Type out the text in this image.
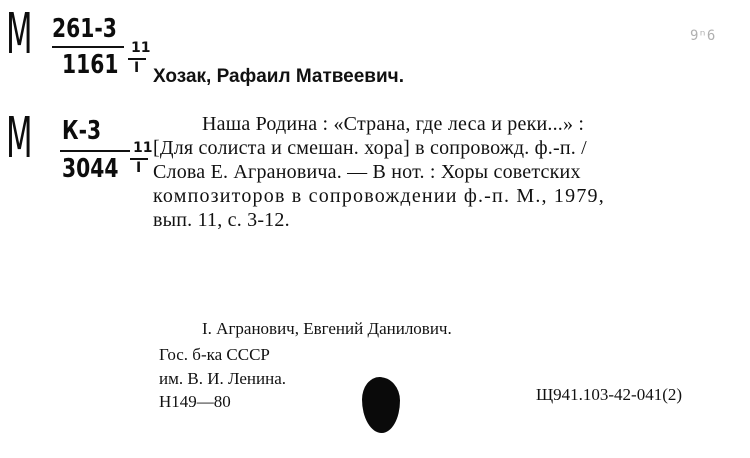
М 261-3
1161
11
I
М К-3
3044
11
I
9ⁿ6
Хозак, Рафаил Матвеевич.
Наша Родина : «Страна, где леса и реки...» :
[Для солиста и смешан. хора] в сопровожд. ф.-п. /
Слова Е. Аграновича. — В нот. : Хоры советских
композиторов в сопровождении ф.-п. М., 1979,
вып. 11, с. 3-12.
I. Агранович, Евгений Данилович.
Гос. б-ка СССР
им. В. И. Ленина.
Н149—80	Щ941.103-42-041(2)
